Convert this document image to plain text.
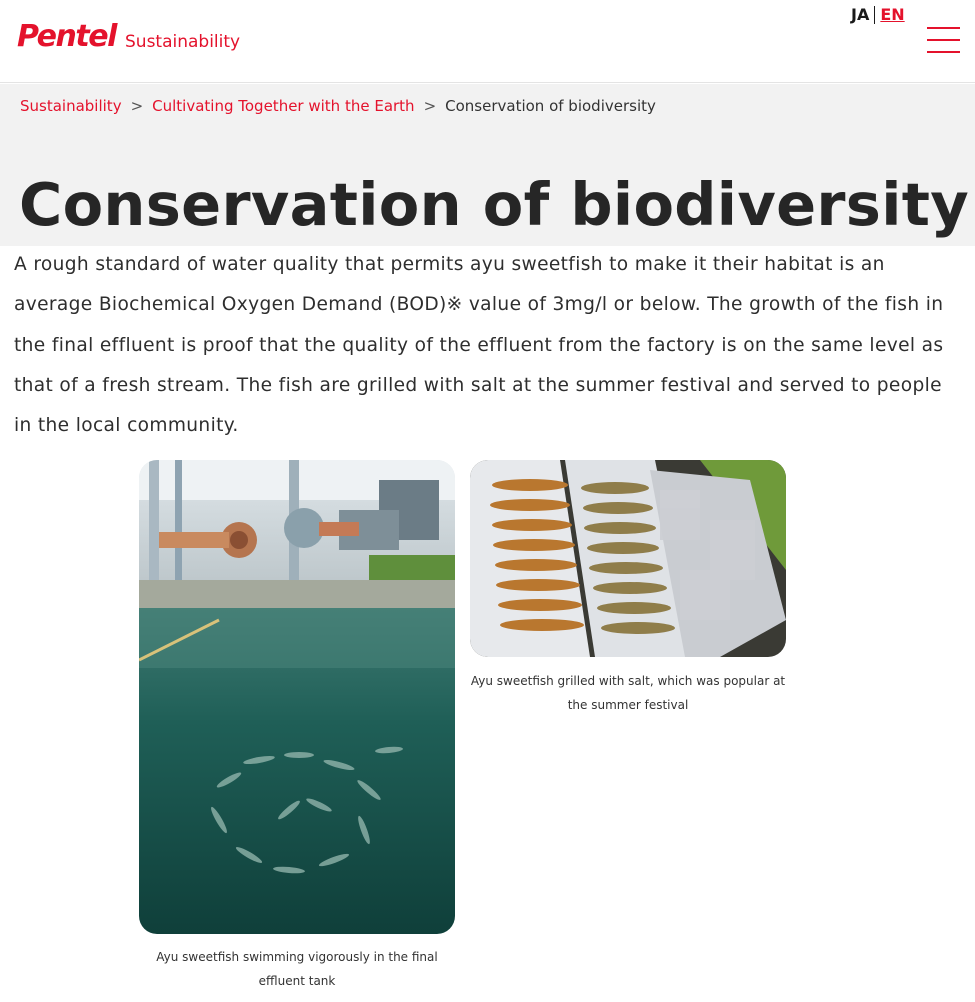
Pentel Sustainability
JA EN
Sustainability > Cultivating Together with the Earth > Conservation of biodiversity
Conservation of biodiversity

A rough standard of water quality that permits ayu sweetfish to make it their habitat is an average Biochemical Oxygen Demand (BOD)※ value of 3mg/l or below. The growth of the fish in the final effluent is proof that the quality of the effluent from the factory is on the same level as that of a fresh stream. The fish are grilled with salt at the summer festival and served to people in the local community.

Ayu sweetfish swimming vigorously in the final effluent tank
Ayu sweetfish grilled with salt, which was popular at the summer festival
